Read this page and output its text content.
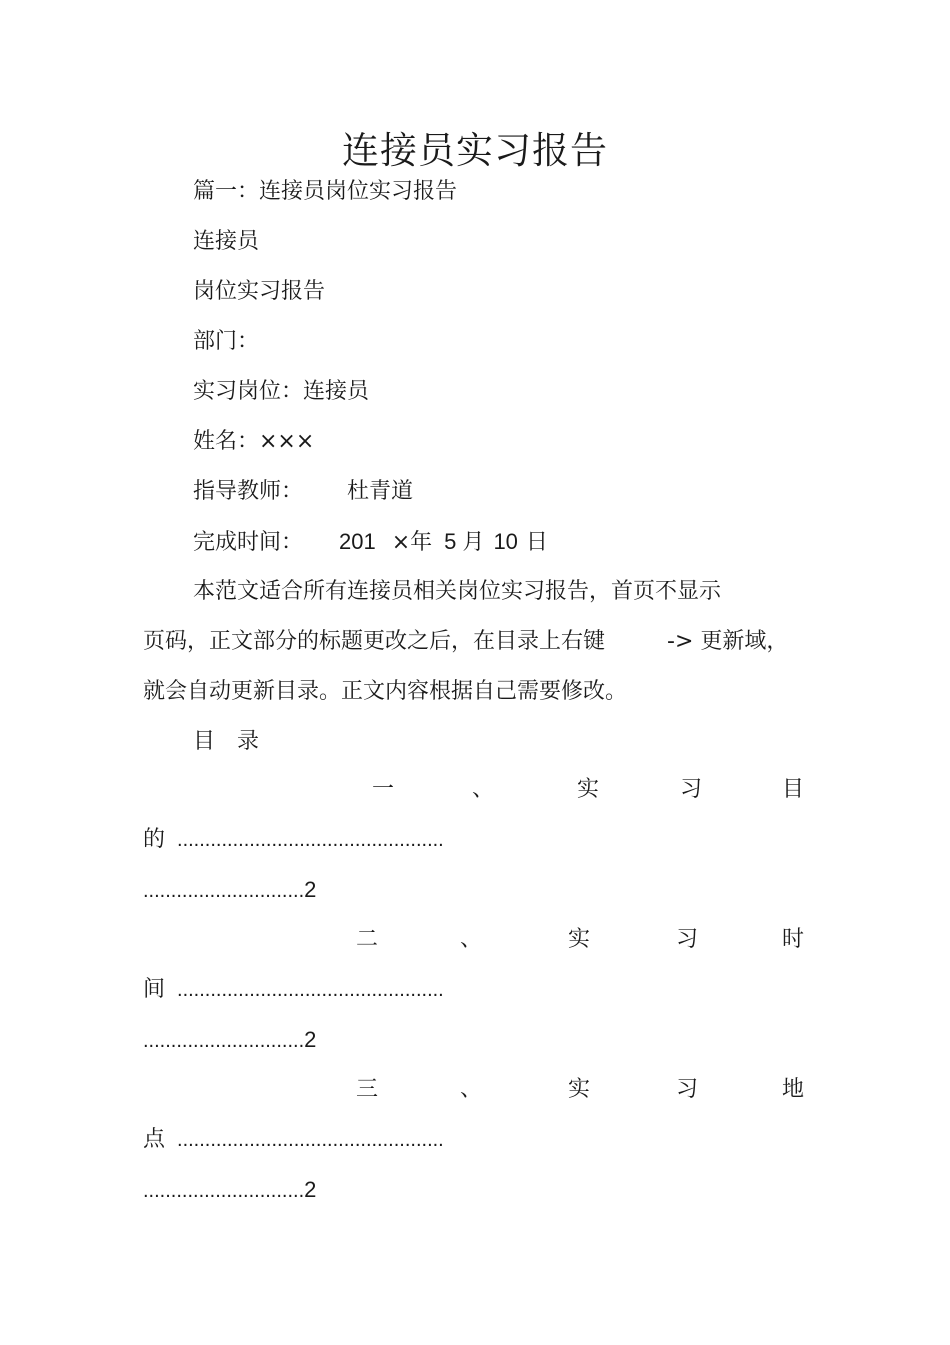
连接员实习报告
篇一：连接员岗位实习报告
连接员
岗位实习报告
部门：
实习岗位：连接员
姓名：×××
指导教师： 杜青道
完成时间： 201 ×年 5 月 10 日
本范文适合所有连接员相关岗位实习报告，首页不显示
页码，正文部分的标题更改之后，在目录上右键	-> 更新域，
就会自动更新目录。正文内容根据自己需要修改。
目　录
一	、	实	习	目
的 ................................................
.............................2
二	、	实	习	时
间 ................................................
.............................2
三	、	实	习	地
点 ................................................
.............................2
